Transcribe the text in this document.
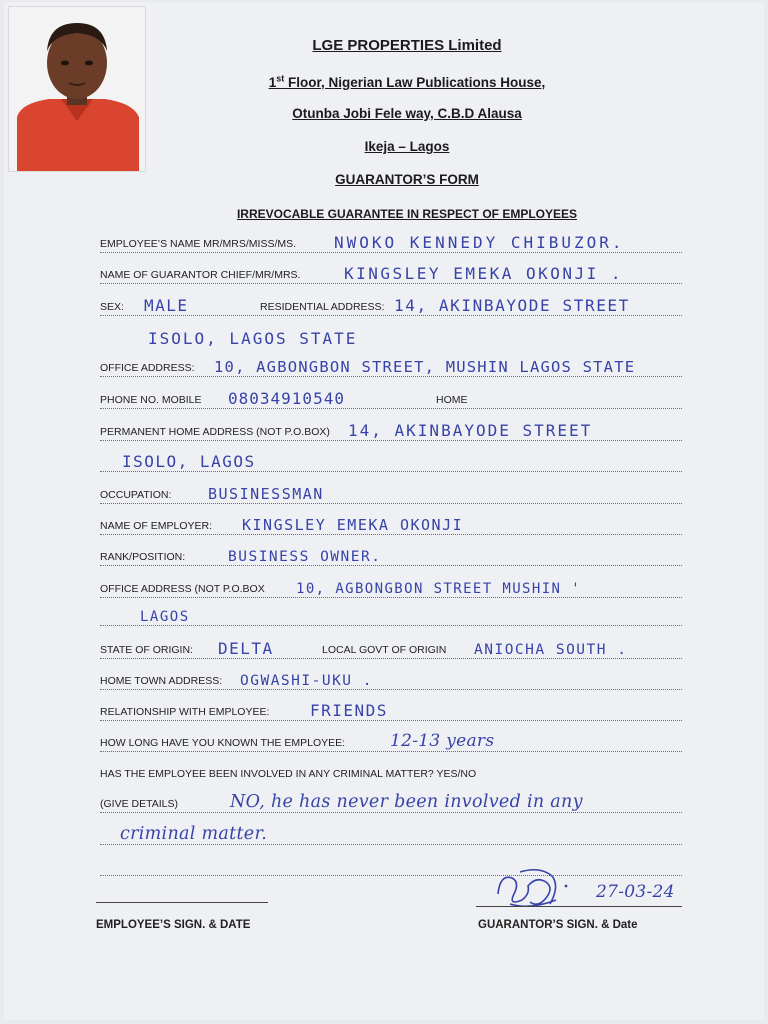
LGE PROPERTIES Limited
1st Floor, Nigerian Law Publications House,
Otunba Jobi Fele way, C.B.D Alausa
Ikeja – Lagos
GUARANTOR’S FORM
IRREVOCABLE GUARANTEE IN RESPECT OF EMPLOYEES
EMPLOYEE’S NAME MR/MRS/MISS/MS. NWOKO KENNEDY CHIBUZOR.
NAME OF GUARANTOR CHIEF/MR/MRS.	KINGSLEY EMEKA OKONJI .
SEX: MALE	RESIDENTIAL ADDRESS: 14, AKINBAYODE STREET
ISOLO, LAGOS STATE
OFFICE ADDRESS: 10, AGBONGBON STREET, MUSHIN LAGOS STATE
PHONE NO. MOBILE 08034910540	HOME
PERMANENT HOME ADDRESS (NOT P.O.BOX) 14, AKINBAYODE STREET
ISOLO, LAGOS
OCCUPATION: BUSINESSMAN
NAME OF EMPLOYER: KINGSLEY EMEKA OKONJI
RANK/POSITION:	BUSINESS OWNER.
OFFICE ADDRESS (NOT P.O.BOX 10, AGBONGBON STREET MUSHIN '
LAGOS
STATE OF ORIGIN: DELTA	LOCAL GOVT OF ORIGIN ANIOCHA SOUTH .
HOME TOWN ADDRESS: OGWASHI-UKU .
RELATIONSHIP WITH EMPLOYEE:	FRIENDS
HOW LONG HAVE YOU KNOWN THE EMPLOYEE:	12-13 years
HAS THE EMPLOYEE BEEN INVOLVED IN ANY CRIMINAL MATTER? YES/NO
(GIVE DETAILS)	NO, he has never been involved in any
criminal matter.
EMPLOYEE’S SIGN. & DATE
27-03-24
GUARANTOR’S SIGN. & Date
